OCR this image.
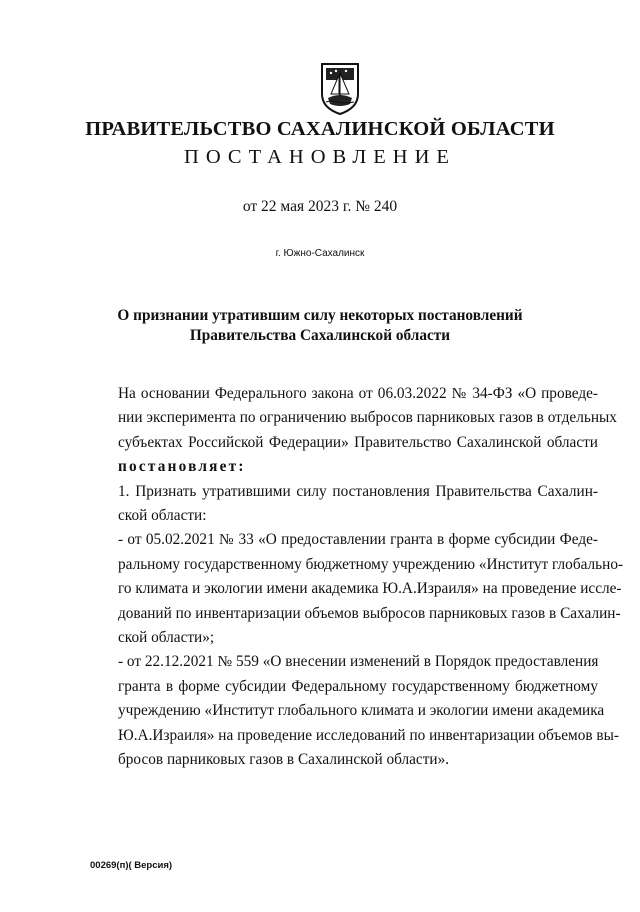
ПРАВИТЕЛЬСТВО САХАЛИНСКОЙ ОБЛАСТИ
ПОСТАНОВЛЕНИЕ
от 22 мая 2023 г. № 240
г. Южно-Сахалинск
О признании утратившим силу некоторых постановлений
Правительства Сахалинской области
На основании Федерального закона от 06.03.2022 № 34-ФЗ «О проведе-
нии эксперимента по ограничению выбросов парниковых газов в отдельных
субъектах Российской Федерации» Правительство Сахалинской области
постановляет:
1. Признать утратившими силу постановления Правительства Сахалин-
ской области:
- от 05.02.2021 № 33 «О предоставлении гранта в форме субсидии Феде-
ральному государственному бюджетному учреждению «Институт глобально-
го климата и экологии имени академика Ю.А.Израиля» на проведение иссле-
дований по инвентаризации объемов выбросов парниковых газов в Сахалин-
ской области»;
- от 22.12.2021 № 559 «О внесении изменений в Порядок предоставления
гранта в форме субсидии Федеральному государственному бюджетному
учреждению «Институт глобального климата и экологии имени академика
Ю.А.Израиля» на проведение исследований по инвентаризации объемов вы-
бросов парниковых газов в Сахалинской области».
00269(п)( Версия)
